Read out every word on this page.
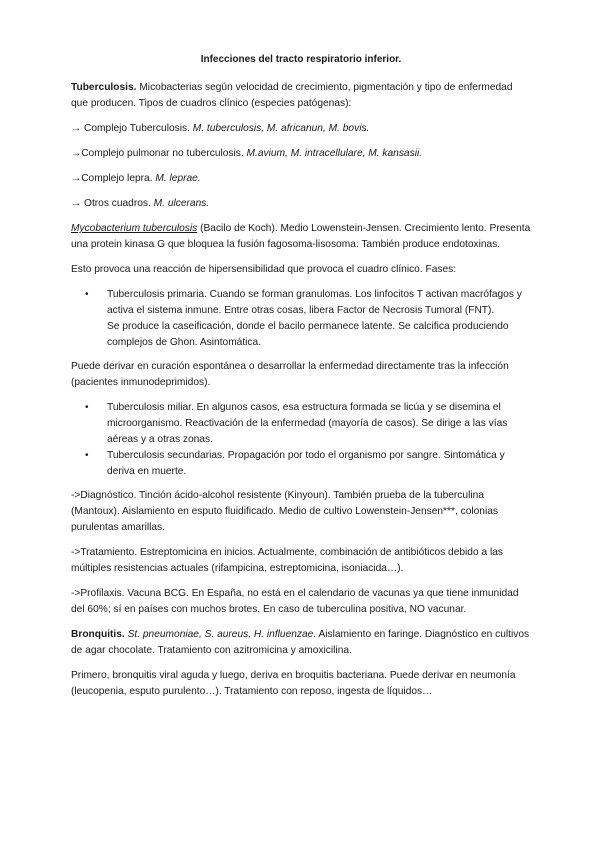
Infecciones del tracto respiratorio inferior.

Tuberculosis. Micobacterias según velocidad de crecimiento, pigmentación y tipo de enfermedad que producen. Tipos de cuadros clínico (especies patógenas):

→ Complejo Tuberculosis. M. tuberculosis, M. africanun, M. bovis.

→Complejo pulmonar no tuberculosis. M.avium, M. intracellulare, M. kansasii.

→Complejo lepra. M. leprae.

→ Otros cuadros. M. ulcerans.

Mycobacterium tuberculosis (Bacilo de Koch). Medio Lowenstein-Jensen. Crecimiento lento. Presenta una protein kinasa G que bloquea la fusión fagosoma-lisosoma. También produce endotoxinas.

Esto provoca una reacción de hipersensibilidad que provoca el cuadro clínico. Fases:

• Tuberculosis primaria. Cuando se forman granulomas. Los linfocitos T activan macrófagos y activa el sistema inmune. Entre otras cosas, libera Factor de Necrosis Tumoral (FNT).
Se produce la caseificación, donde el bacilo permanece latente. Se calcifica produciendo complejos de Ghon. Asintomática.

Puede derivar en curación espontánea o desarrollar la enfermedad directamente tras la infección (pacientes inmunodeprimidos).

• Tuberculosis miliar. En algunos casos, esa estructura formada se licúa y se disemina el microorganismo. Reactivación de la enfermedad (mayoría de casos). Se dirige a las vías aéreas y a otras zonas.
• Tuberculosis secundarias. Propagación por todo el organismo por sangre. Sintomática y deriva en muerte.

->Diagnóstico. Tinción ácido-alcohol resistente (Kinyoun). También prueba de la tuberculina (Mantoux). Aislamiento en esputo fluidificado. Medio de cultivo Lowenstein-Jensen***, colonias purulentas amarillas.

->Tratamiento. Estreptomicina en inicios. Actualmente, combinación de antibióticos debido a las múltiples resistencias actuales (rifampicina, estreptomicina, isoniacida…).

->Profilaxis. Vacuna BCG. En España, no está en el calendario de vacunas ya que tiene inmunidad del 60%; sí en países con muchos brotes. En caso de tuberculina positiva, NO vacunar.

Bronquitis. St. pneumoniae, S. aureus, H. influenzae. Aislamiento en faringe. Diagnóstico en cultivos de agar chocolate. Tratamiento con azitromicina y amoxicilina.

Primero, bronquitis viral aguda y luego, deriva en broquitis bacteriana. Puede derivar en neumonía (leucopenia, esputo purulento…). Tratamiento con reposo, ingesta de líquidos…
